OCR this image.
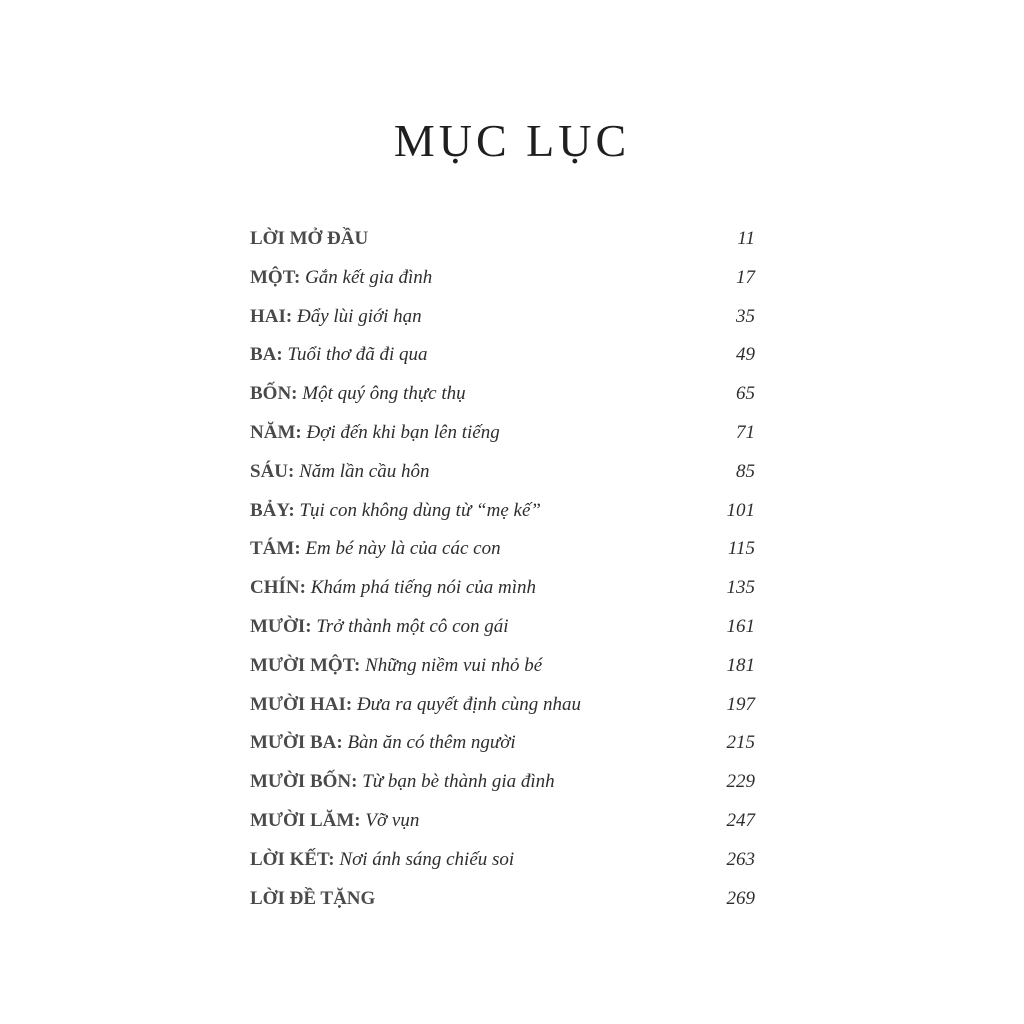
MỤC LỤC
LỜI MỞ ĐẦU	11
MỘT: Gắn kết gia đình	17
HAI: Đẩy lùi giới hạn	35
BA: Tuổi thơ đã đi qua	49
BỐN: Một quý ông thực thụ	65
NĂM: Đợi đến khi bạn lên tiếng	71
SÁU: Năm lần cầu hôn	85
BẢY: Tụi con không dùng từ “mẹ kế”	101
TÁM: Em bé này là của các con	115
CHÍN: Khám phá tiếng nói của mình	135
MƯỜI: Trở thành một cô con gái	161
MƯỜI MỘT: Những niềm vui nhỏ bé	181
MƯỜI HAI: Đưa ra quyết định cùng nhau	197
MƯỜI BA: Bàn ăn có thêm người	215
MƯỜI BỐN: Từ bạn bè thành gia đình	229
MƯỜI LĂM: Vỡ vụn	247
LỜI KẾT: Nơi ánh sáng chiếu soi	263
LỜI ĐỀ TẶNG	269
